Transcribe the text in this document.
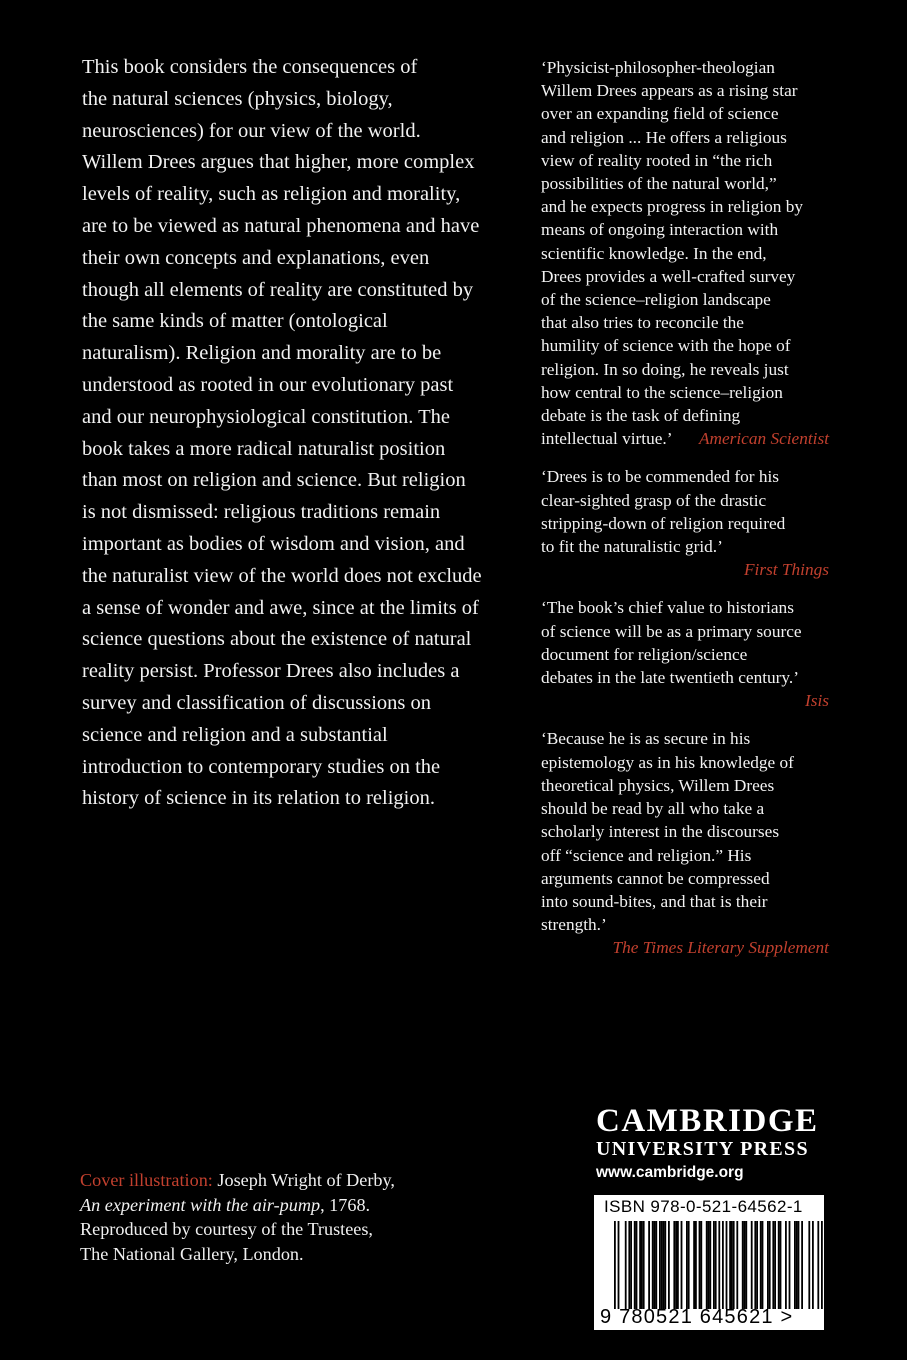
This book considers the consequences of
the natural sciences (physics, biology,
neurosciences) for our view of the world.
Willem Drees argues that higher, more complex
levels of reality, such as religion and morality,
are to be viewed as natural phenomena and have
their own concepts and explanations, even
though all elements of reality are constituted by
the same kinds of matter (ontological
naturalism). Religion and morality are to be
understood as rooted in our evolutionary past
and our neurophysiological constitution. The
book takes a more radical naturalist position
than most on religion and science. But religion
is not dismissed: religious traditions remain
important as bodies of wisdom and vision, and
the naturalist view of the world does not exclude
a sense of wonder and awe, since at the limits of
science questions about the existence of natural
reality persist. Professor Drees also includes a
survey and classification of discussions on
science and religion and a substantial
introduction to contemporary studies on the
history of science in its relation to religion.
‘Physicist-philosopher-theologian
Willem Drees appears as a rising star
over an expanding field of science
and religion ... He offers a religious
view of reality rooted in “the rich
possibilities of the natural world,”
and he expects progress in religion by
means of ongoing interaction with
scientific knowledge. In the end,
Drees provides a well-crafted survey
of the science–religion landscape
that also tries to reconcile the
humility of science with the hope of
religion. In so doing, he reveals just
how central to the science–religion
debate is the task of defining
intellectual virtue.’ American Scientist
‘Drees is to be commended for his
clear-sighted grasp of the drastic
stripping-down of religion required
to fit the naturalistic grid.’
First Things
‘The book’s chief value to historians
of science will be as a primary source
document for religion/science
debates in the late twentieth century.’
Isis
‘Because he is as secure in his
epistemology as in his knowledge of
theoretical physics, Willem Drees
should be read by all who take a
scholarly interest in the discourses
off “science and religion.” His
arguments cannot be compressed
into sound-bites, and that is their
strength.’
The Times Literary Supplement
Cover illustration: Joseph Wright of Derby,
An experiment with the air-pump, 1768.
Reproduced by courtesy of the Trustees,
The National Gallery, London.
CAMBRIDGE
UNIVERSITY PRESS
www.cambridge.org
ISBN 978-0-521-64562-1
9 780521 645621 >
